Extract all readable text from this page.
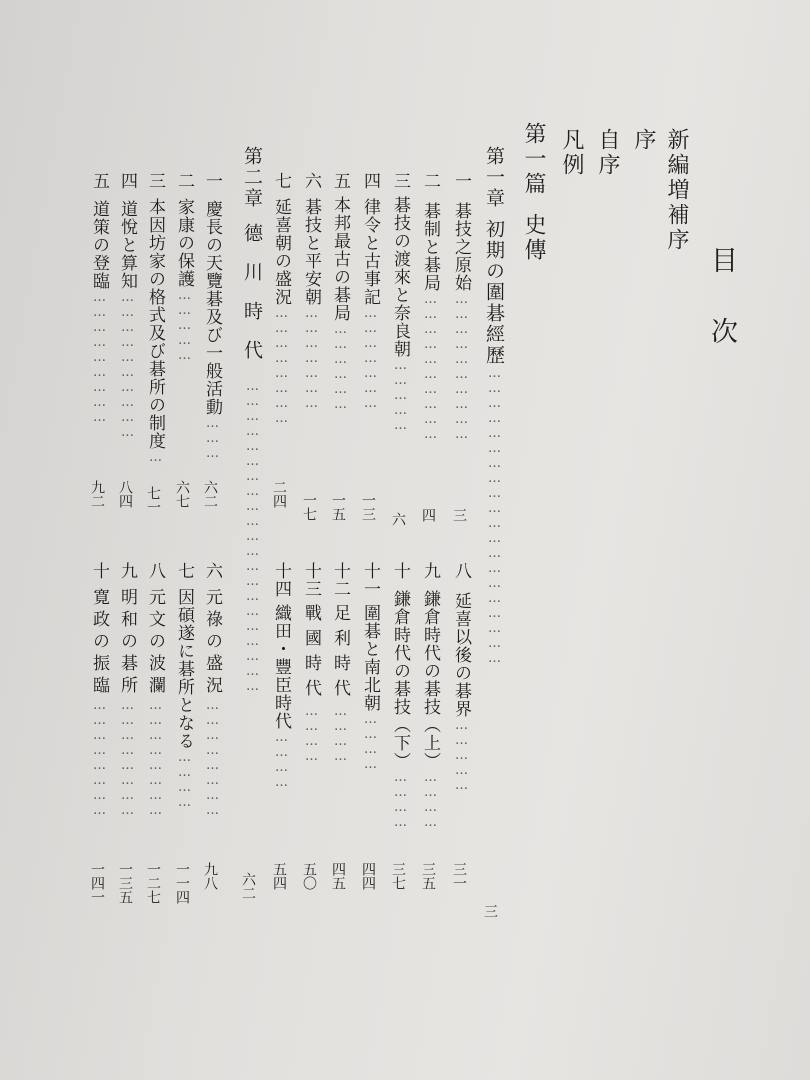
目次
新編増補序
序
自序
凡例
第一篇史傳
第一章初期の圍碁經歷……………………………………………………
三
一碁技之原始…………………………
三
二碁制と碁局…………………………
四
三碁技の渡來と奈良朝……………
六
四律令と古事記…………………
一三
五本邦最古の碁局………………
一五
六碁技と平安朝…………………
一七
七延喜朝の盛況……………………
二四
第二章德川時代………………………………………………………
六二
一慶長の天覽碁及び一般活動………
六二
二家康の保護……………
六七
三本因坊家の格式及び碁所の制度…
七一
四道悅と算知…………………………
八四
五道策の登臨………………………
九二
八延喜以後の碁界……………
三一
九鎌倉時代の碁技（上）…………
三五
十鎌倉時代の碁技（下）…………
三七
十一圍碁と南北朝…………
四四
十二足利時代…………
四五
十三戰國時代…………
五〇
十四織田・豐臣時代…………
五四
六元祿の盛況……………………
九八
七因碩遂に碁所となる…………
一一四
八元文の波瀾……………………
一二七
九明和の碁所……………………
一三五
十寛政の振臨……………………
一四一
